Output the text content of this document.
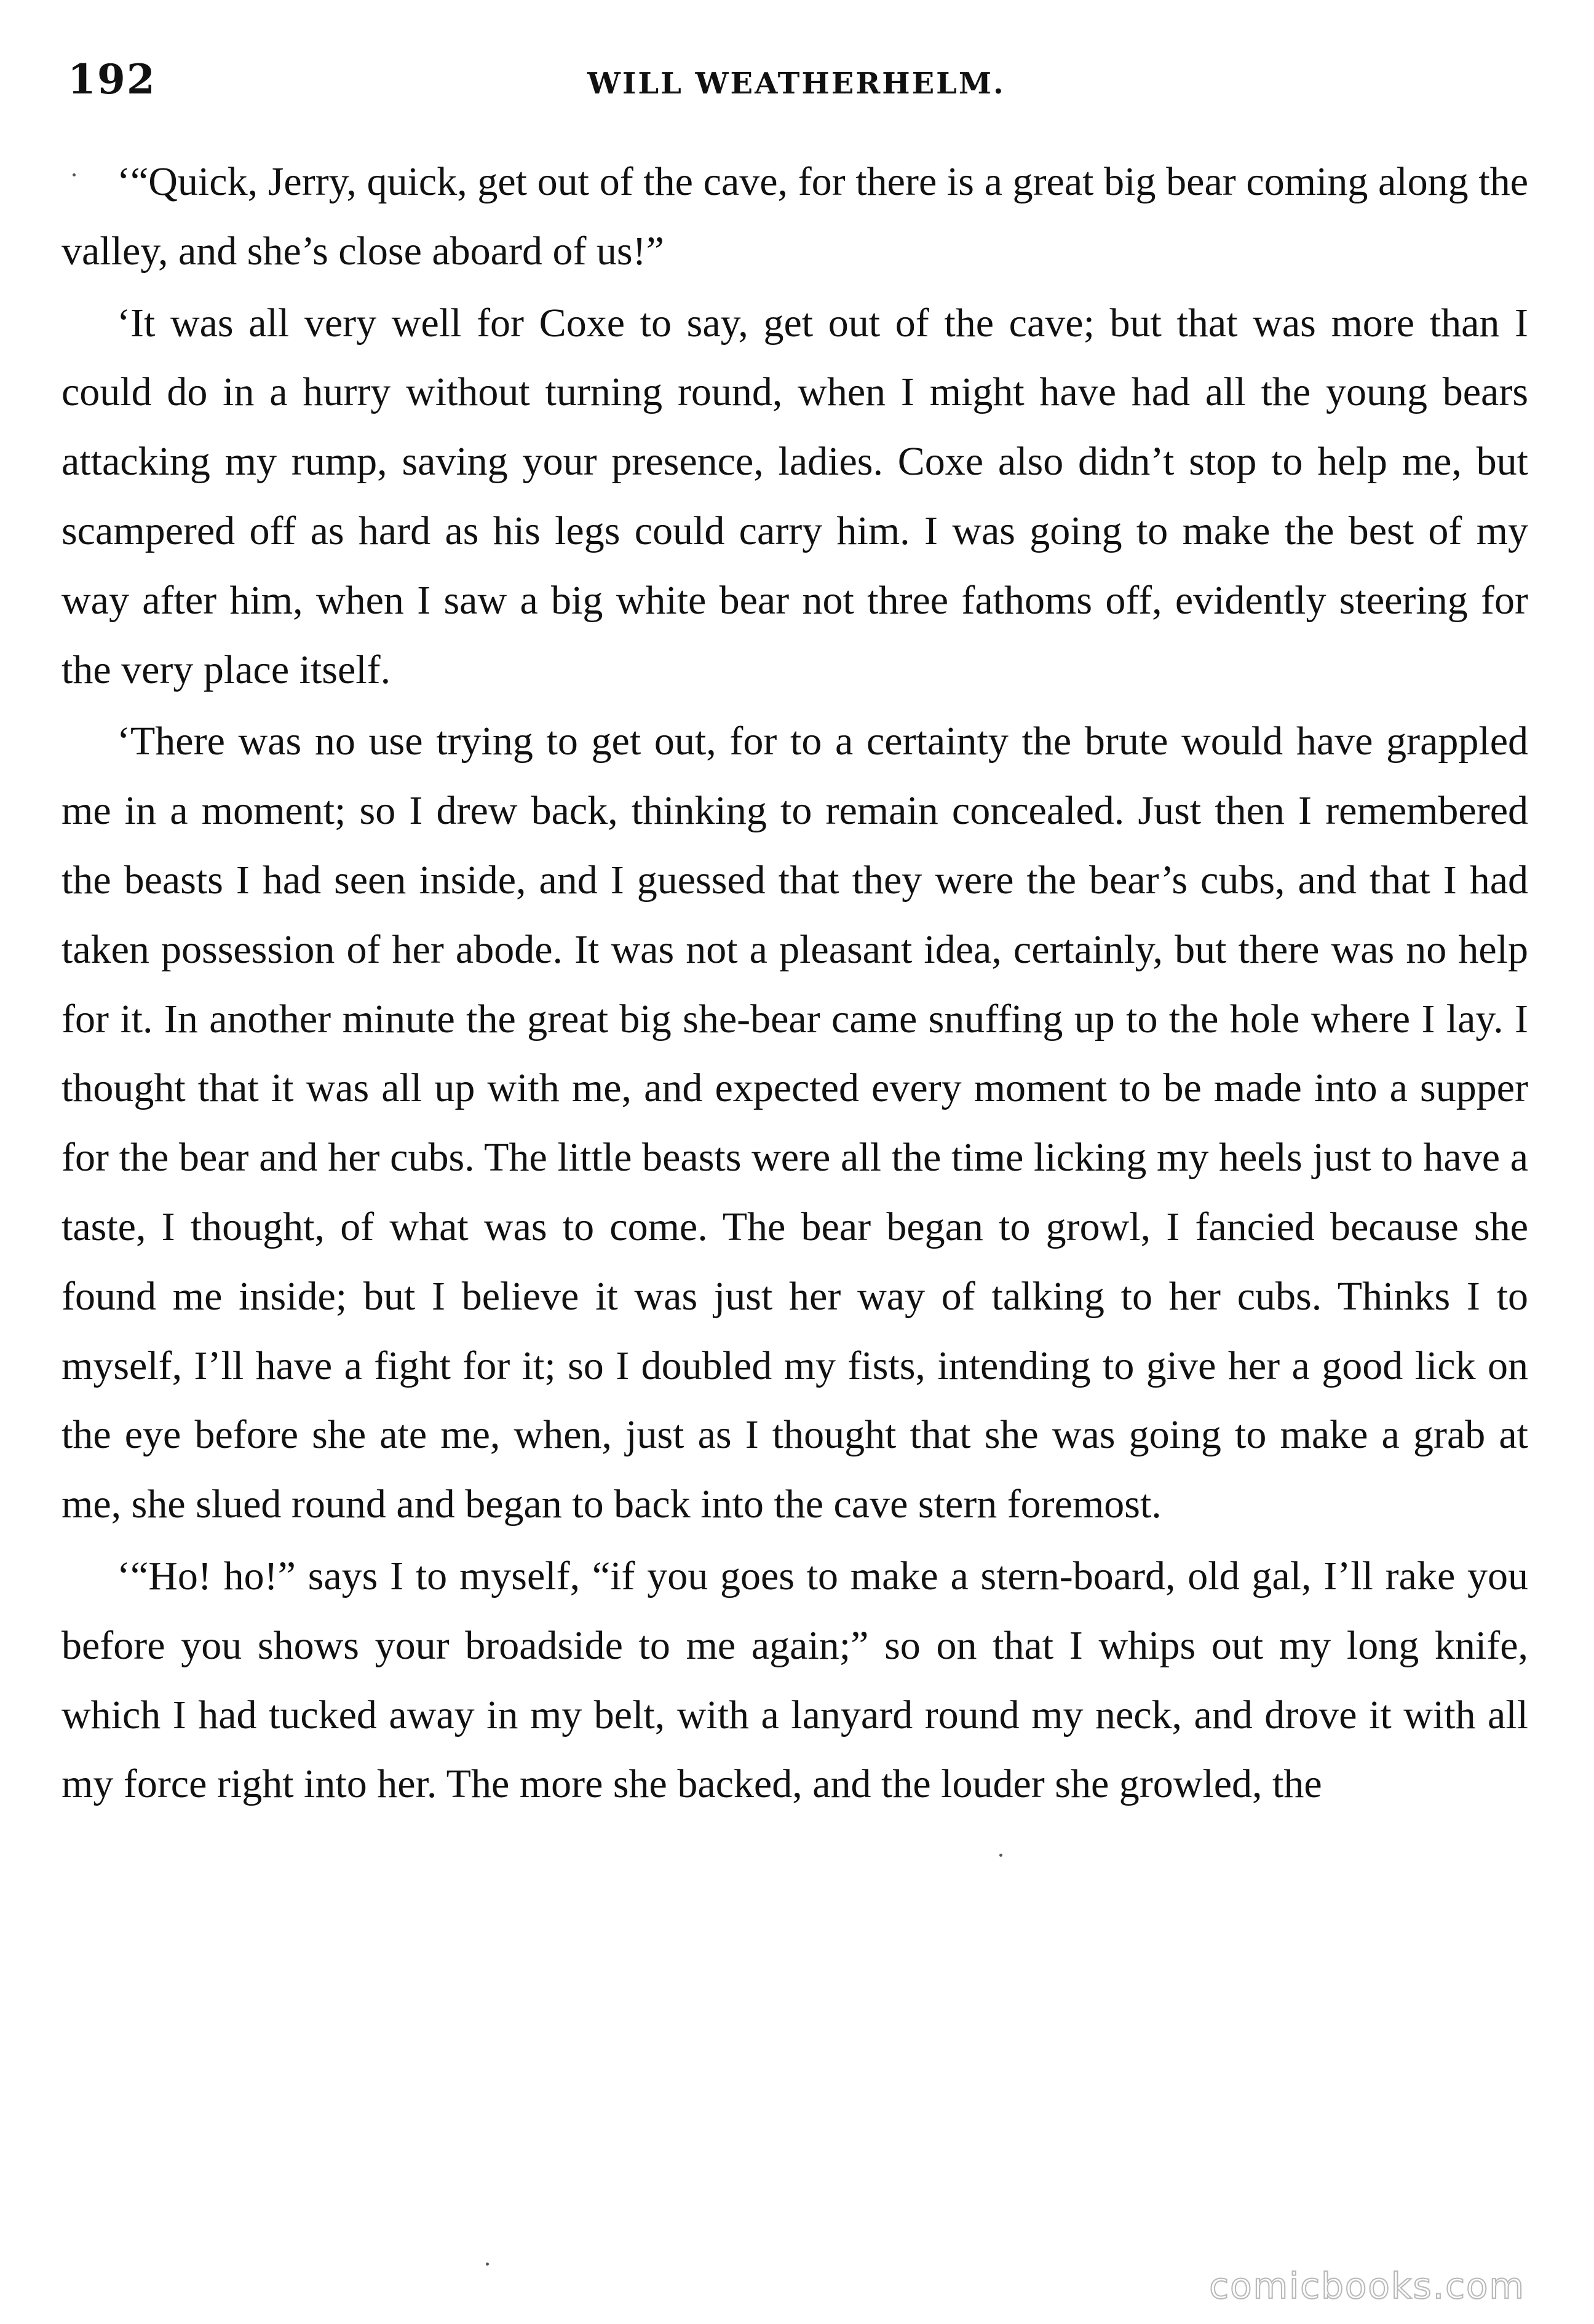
192	WILL WEATHERHELM.

‘“Quick, Jerry, quick, get out of the cave, for there is a great big bear coming along the valley, and she’s close aboard of us!”

‘It was all very well for Coxe to say, get out of the cave; but that was more than I could do in a hurry without turning round, when I might have had all the young bears attacking my rump, saving your presence, ladies. Coxe also didn’t stop to help me, but scampered off as hard as his legs could carry him. I was going to make the best of my way after him, when I saw a big white bear not three fathoms off, evidently steering for the very place itself.

‘There was no use trying to get out, for to a certainty the brute would have grappled me in a moment; so I drew back, thinking to remain concealed. Just then I remembered the beasts I had seen inside, and I guessed that they were the bear’s cubs, and that I had taken possession of her abode. It was not a pleasant idea, certainly, but there was no help for it. In another minute the great big she-bear came snuffing up to the hole where I lay. I thought that it was all up with me, and expected every moment to be made into a supper for the bear and her cubs. The little beasts were all the time licking my heels just to have a taste, I thought, of what was to come. The bear began to growl, I fancied because she found me inside; but I believe it was just her way of talking to her cubs. Thinks I to myself, I’ll have a fight for it; so I doubled my fists, intending to give her a good lick on the eye before she ate me, when, just as I thought that she was going to make a grab at me, she slued round and began to back into the cave stern foremost.

‘“Ho! ho!” says I to myself, “if you goes to make a stern-board, old gal, I’ll rake you before you shows your broadside to me again;” so on that I whips out my long knife, which I had tucked away in my belt, with a lanyard round my neck, and drove it with all my force right into her. The more she backed, and the louder she growled, the

comicbooks.com
